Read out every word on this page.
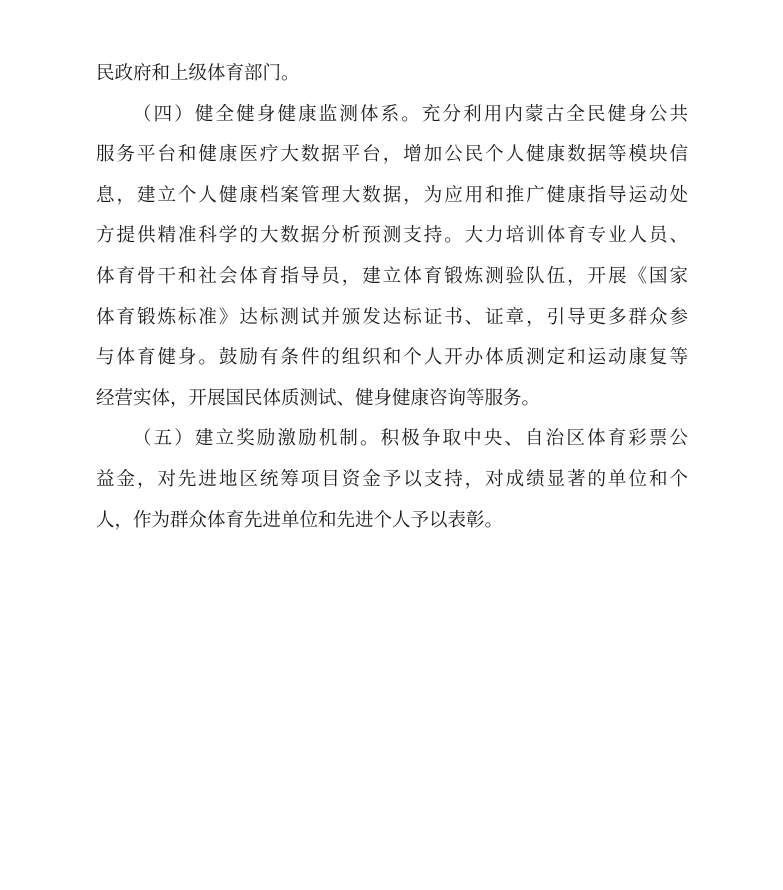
民政府和上级体育部门。
（四）健全健身健康监测体系。充分利用内蒙古全民健身公共
服务平台和健康医疗大数据平台，增加公民个人健康数据等模块信
息，建立个人健康档案管理大数据，为应用和推广健康指导运动处
方提供精准科学的大数据分析预测支持。大力培训体育专业人员、
体育骨干和社会体育指导员，建立体育锻炼测验队伍，开展《国家
体育锻炼标准》达标测试并颁发达标证书、证章，引导更多群众参
与体育健身。鼓励有条件的组织和个人开办体质测定和运动康复等
经营实体，开展国民体质测试、健身健康咨询等服务。
（五）建立奖励激励机制。积极争取中央、自治区体育彩票公
益金，对先进地区统筹项目资金予以支持，对成绩显著的单位和个
人，作为群众体育先进单位和先进个人予以表彰。
